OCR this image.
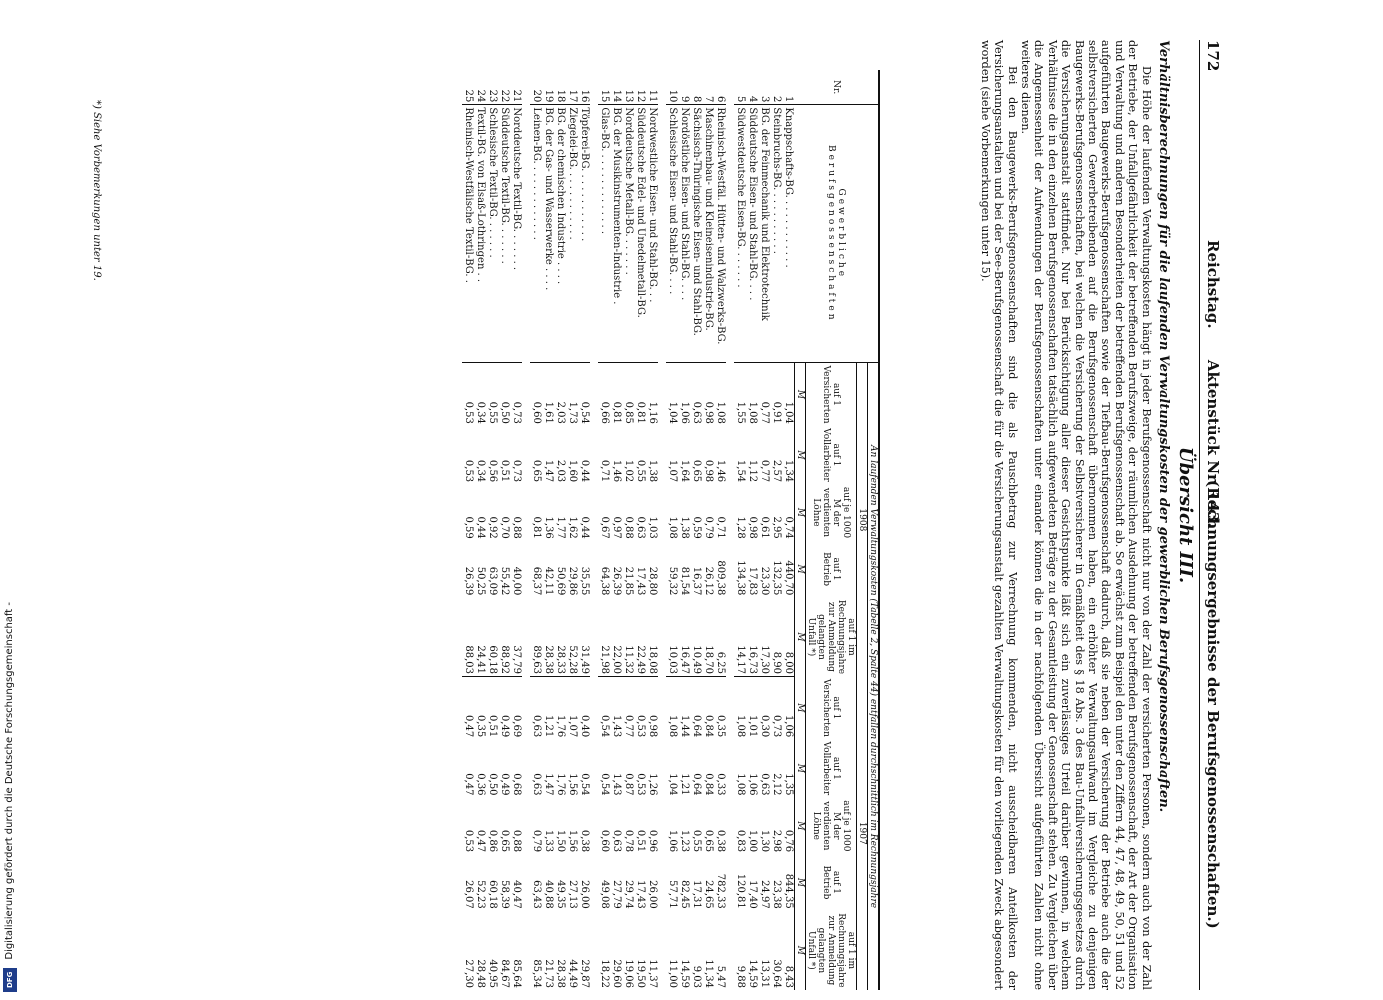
Digitalisierung gefördert durch die Deutsche Forschungsgemeinschaft -
DFG
172
Reichstag.      Aktenstück Nr. 143.
(Rechnungsergebnisse der Berufsgenossenschaften.)
Übersicht III.
Verhältnisberechnungen für die laufenden Verwaltungskosten der gewerblichen Berufsgenossenschaften.

Die Höhe der laufenden Verwaltungskosten hängt in jeder Berufsgenossenschaft nicht nur von der Zahl der versicherten Personen, sondern auch von der Zahl der Betriebe, der Unfallgefährlichkeit der betreffenden Berufszweige, der räumlichen Ausdehnung der betreffenden Berufsgenossenschaft, der Art der Organisation und Verwaltung und anderen Besonderheiten der betreffenden Berufsgenossenschaft ab. So erwächst zum Beispiel den unter den Ziffern 44, 47, 48, 49, 50, 51 und 52 aufgeführten Baugewerks-Berufsgenossenschaften sowie der Tiefbau-Berufsgenossenschaft dadurch, daß sie neben der Versicherung der Betriebe auch die der selbstversicherten Gewerbetreibenden auf die Berufsgenossenschaft übernommen haben, ein erhöhter Verwaltungsaufwand im Vergleiche zu denjenigen Baugewerks-Berufsgenossenschaften, bei welchen die Versicherung der Selbstversicherer in Gemäßheit des § 18 Abs. 3 des Bau-Unfallversicherungsgesetzes durch die Versicherungsanstalt stattfindet. Nur bei Berücksichtigung aller dieser Gesichtspunkte läßt sich ein zuverlässiges Urteil darüber gewinnen, in welchem Verhältnisse die in den einzelnen Berufsgenossenschaften tatsächlich aufgewendeten Beträge zu der Gesamtleistung der Genossenschaft stehen. Zu Vergleichen über die Angemessenheit der Aufwendungen der Berufsgenossenschaften unter einander können die in der nachfolgenden Übersicht aufgeführten Zahlen nicht ohne weiteres dienen.

Bei den Baugewerks-Berufsgenossenschaften sind die als Pauschbetrag zur Verrechnung kommenden, nicht ausscheidbaren Anteilkosten der Versicherungsanstalten und bei der See-Berufsgenossenschaft die für die Versicherungsanstalt gezahlten Verwaltungskosten für den vorliegenden Zweck abgesondert worden (siehe Vorbemerkungen unter 15).

Nr.	Gewerbliche
Berufsgenossenschaften	An laufenden Verwaltungskosten (Tabelle 2, Spalte 44) entfallen durchschnittlich im Rechnungsjahre									
		1908					1907				
		auf 1 Versicherten	auf 1 Vollarbeiter	auf je 1000 M der verdienten Löhne	auf 1 Betrieb	auf 1 im Rechnungsjahre zur Anmeldung gelangten Unfall *)	auf 1 Versicherten	auf 1 Vollarbeiter	auf je 1000 M der verdienten Löhne	auf 1 Betrieb	auf 1 im Rechnungsjahre zur Anmeldung gelangten Unfall *)
		M	M	M	M	M	M	M	M	M	M
1	Knappschafts-BG. . . . . . . . . . . .	1,04	1,34	0,74	440,70	8,00	1,06	1,35	0,76	844,35	8,43
2	Steinbruchs-BG. . . . . . . . . . .	0,91	2,57	2,95	132,35	8,90	0,73	2,12	2,98	23,38	30,64
3	BG. der Feinmechanik und Elektrotechnik	0,77	0,77	0,61	23,30	17,30	0,30	0,63	1,30	24,97	13,31
4	Süddeutsche Eisen- und Stahl-BG. . . .	1,08	1,12	0,98	17,83	16,73	1,01	1,06	1,00	17,40	14,59
5	Südwestdeutsche Eisen-BG. . . . . . .	1,55	1,54	1,28	134,38	14,17	1,08	1,08	0,83	120,81	9,88

6	Rheinisch-Westfäl. Hütten- und Walzwerks-BG.	1,08	1,46	0,71	809,38	6,25	0,35	0,33	0,38	782,33	5,47
7	Maschinenbau- und Kleineisenindustrie-BG.	0,98	0,98	0,79	26,12	18,70	0,84	0,84	0,65	24,65	11,34
8	Sächsisch-Thüringische Eisen- und Stahl-BG.	0,63	0,65	0,59	16,37	10,49	0,64	0,64	0,55	17,31	9,03
9	Nordöstliche Eisen- und Stahl-BG. . . .	1,06	1,64	1,38	81,54	16,47	1,44	1,21	1,23	82,45	14,59
10	Schlesische Eisen- und Stahl-BG. . . .	1,04	1,07	1,08	59,32	10,03	1,08	1,04	1,06	57,71	11,00

11	Nordwestliche Eisen- und Stahl-BG. . .	1,16	1,38	1,03	28,80	18,08	0,98	1,26	0,96	26,00	11,37
12	Süddeutsche Edel- und Unedelmetall-BG.	0,81	0,55	0,63	17,43	22,49	0,53	0,53	0,51	17,43	19,50
13	Norddeutsche Metall-BG. . . . . . .	0,85	1,02	0,88	21,85	11,32	0,77	0,87	0,78	29,74	19,06
14	BG. der Musikinstrumenten-Industrie .	0,81	1,46	0,97	26,39	22,00	1,43	1,43	0,63	27,79	29,60
15	Glas-BG. . . . . . . . . . . . . .	0,66	0,71	0,67	64,38	21,98	0,54	0,54	0,60	49,08	18,22

16	Töpferei-BG. . . . . . . . . . . .	0,54	0,44	0,44	35,55	31,49	0,40	0,54	0,38	26,00	29,87
17	Ziegelei-BG. . . . . . . . . . . .	1,73	1,60	1,62	29,86	52,28	1,07	1,56	1,56	27,13	44,49
18	BG. der chemischen Industrie . . . .	2,03	2,03	1,77	50,69	28,33	1,76	1,76	1,50	49,35	28,38
19	BG. der Gas- und Wasserwerke . . . .	1,61	1,47	1,36	42,11	28,38	1,21	1,47	1,33	40,88	21,73
20	Leinen-BG. . . . . . . . . . . . .	0,60	0,65	0,81	68,37	89,63	0,63	0,63	0,79	63,43	85,34

21	Norddeutsche Textil-BG. . . . . . .	0,73	0,73	0,88	40,00	37,79	0,69	0,68	0,88	40,47	85,64
22	Süddeutsche Textil-BG. . . . . . .	0,50	0,51	0,70	55,42	88,92	0,49	0,49	0,65	58,39	84,67
23	Schlesische Textil-BG. . . . . . .	0,55	0,56	0,92	63,09	60,18	0,51	0,50	0,86	60,18	40,95
24	Textil-BG. von Elsaß-Lothringen . .	0,34	0,34	0,44	50,25	24,41	0,35	0,36	0,47	52,23	28,48
25	Rheinisch-Westfälische Textil-BG. .	0,53	0,53	0,59	26,39	88,03	0,47	0,47	0,53	26,07	27,30
*) Siehe Vorbemerkungen unter 19.
